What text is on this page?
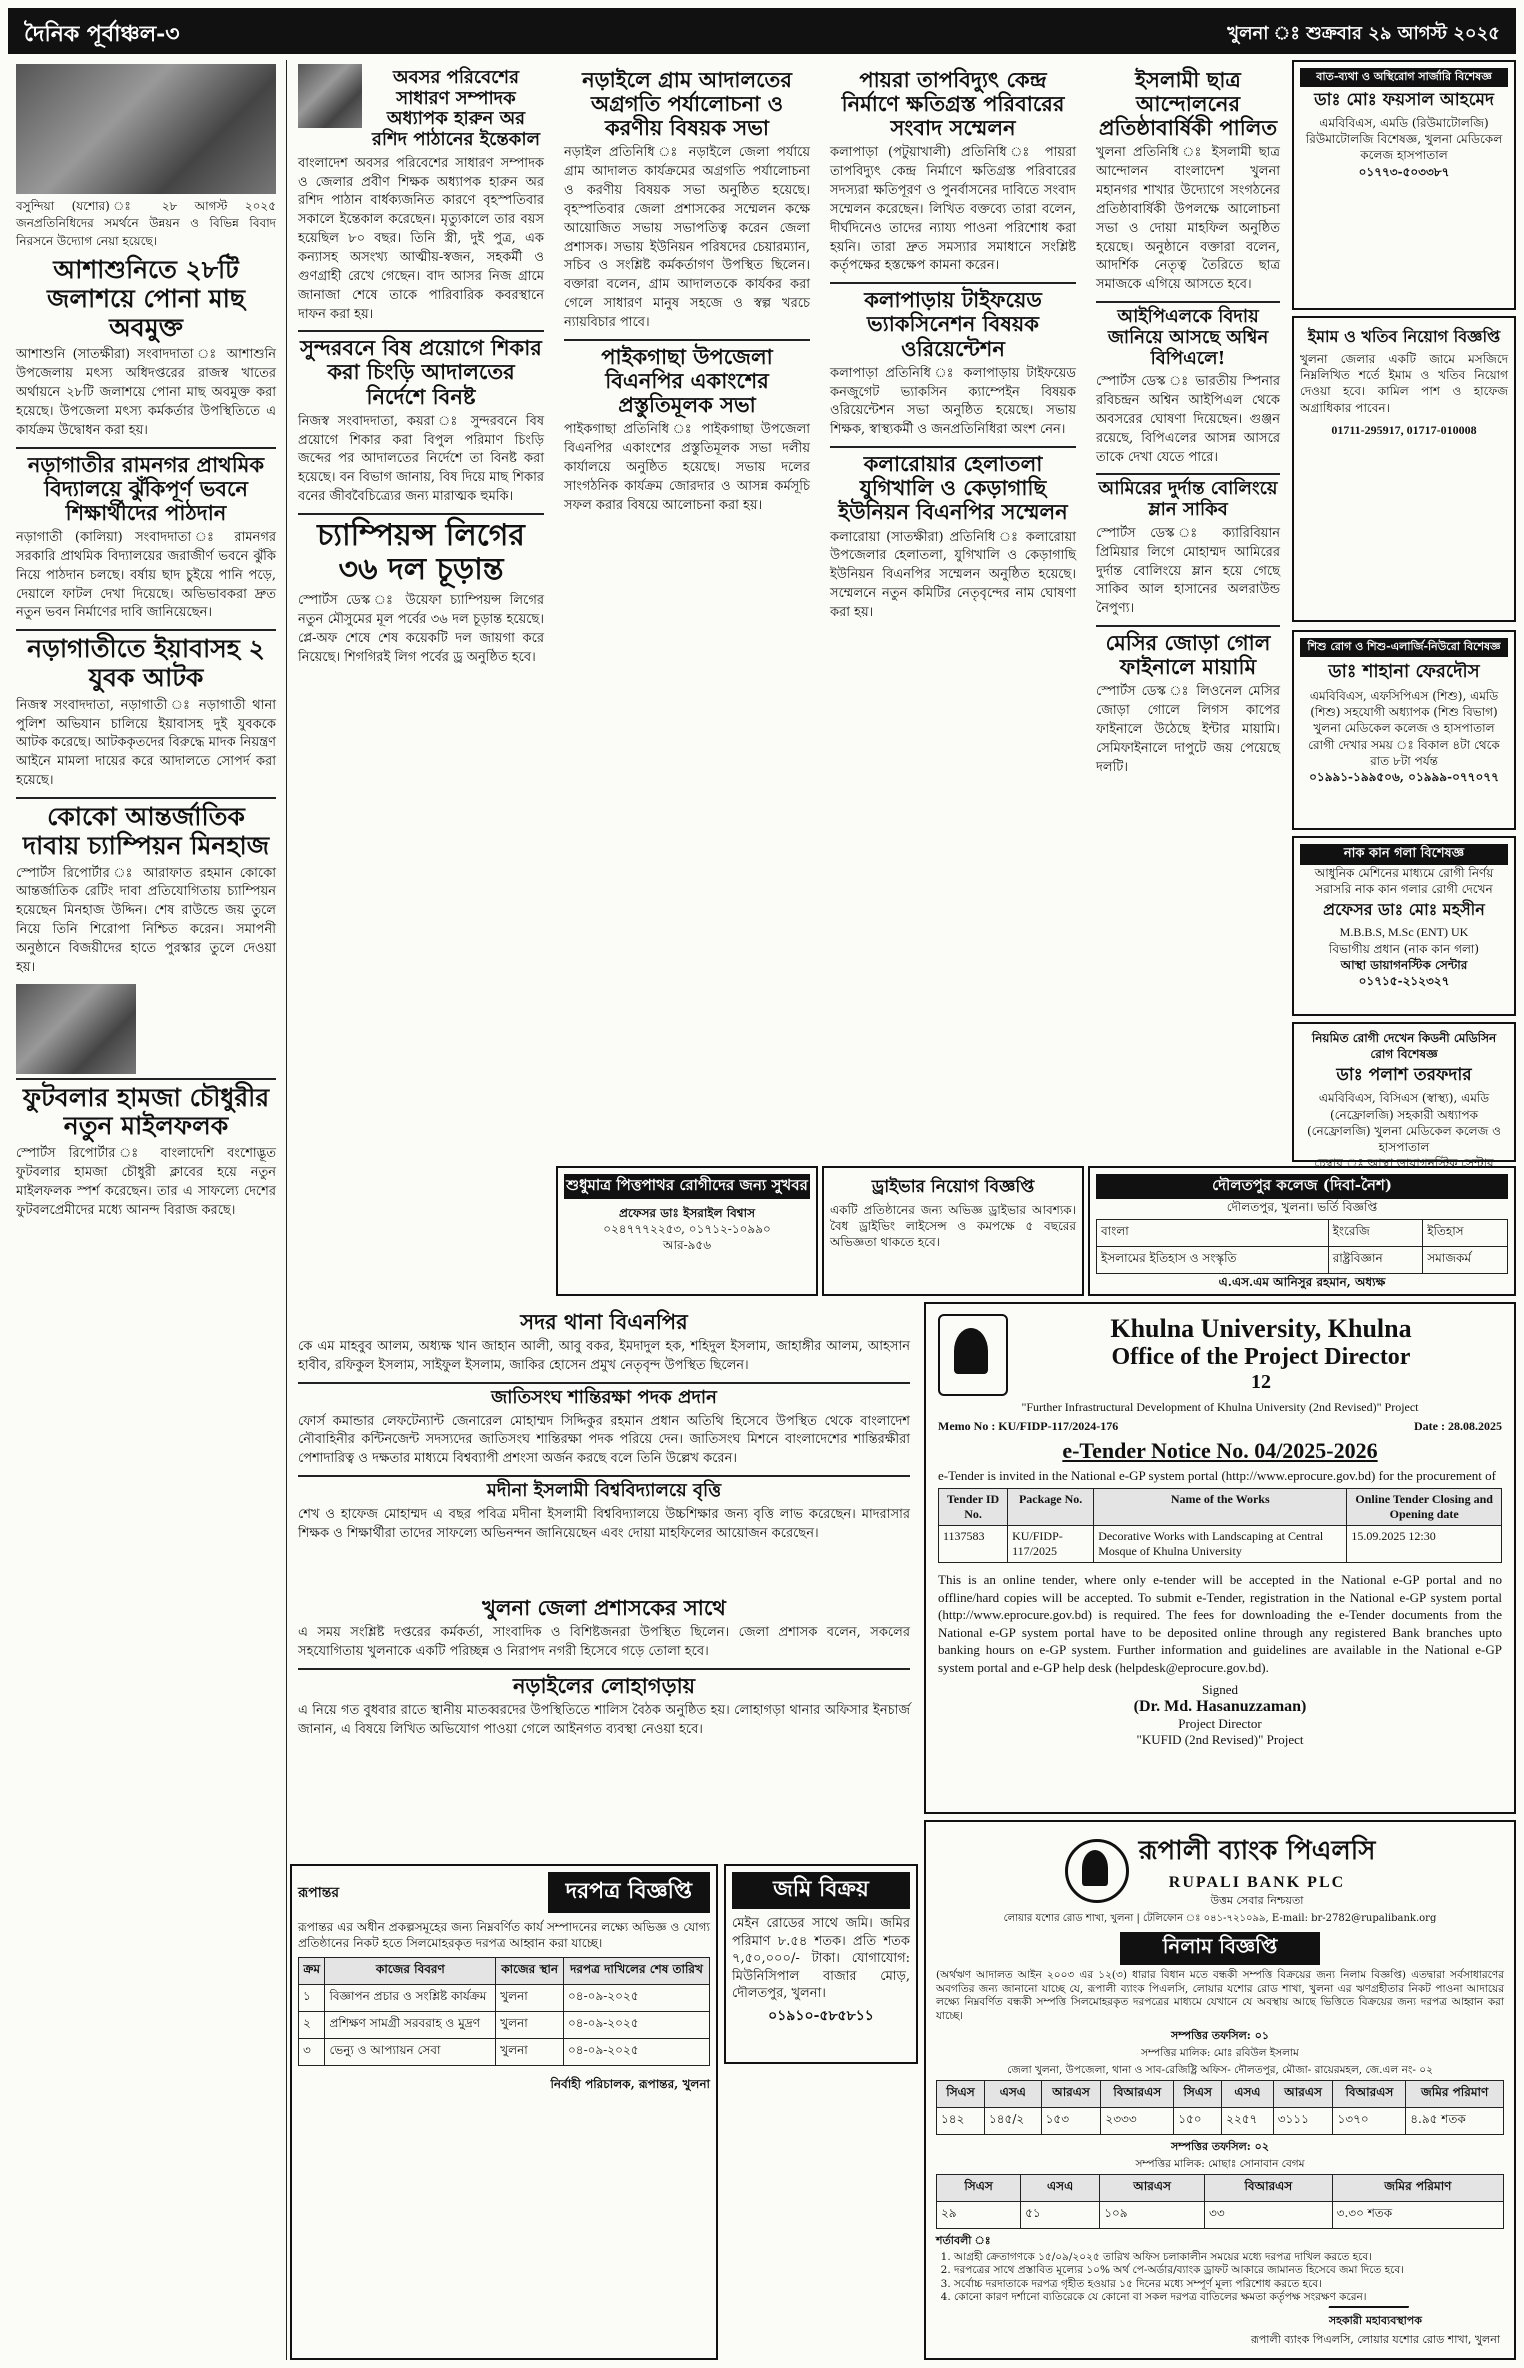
দৈনিক পূর্বাঞ্চল-৩	খুলনা ঃ শুক্রবার ২৯ আগস্ট ২০২৫

বসুন্দিয়া (যশোর) ঃ ২৮ আগস্ট ২০২৫ জনপ্রতিনিধিদের সমর্থনে উন্নয়ন ও বিভিন্ন বিবাদ নিরসনে উদ্যোগ নেয়া হয়েছে।

আশাশুনিতে ২৮টি জলাশয়ে পোনা মাছ অবমুক্ত

আশাশুনি (সাতক্ষীরা) সংবাদদাতা ঃ আশাশুনি উপজেলায় মৎস্য অধিদপ্তরের রাজস্ব খাতের অর্থায়নে ২৮টি জলাশয়ে পোনা মাছ অবমুক্ত করা হয়েছে। উপজেলা মৎস্য কর্মকর্তার উপস্থিতিতে এ কার্যক্রম উদ্বোধন করা হয়।

নড়াগাতীর রামনগর প্রাথমিক বিদ্যালয়ে ঝুঁকিপূর্ণ ভবনে শিক্ষার্থীদের পাঠদান

নড়াগাতী (কালিয়া) সংবাদদাতা ঃ রামনগর সরকারি প্রাথমিক বিদ্যালয়ের জরাজীর্ণ ভবনে ঝুঁকি নিয়ে পাঠদান চলছে। বর্ষায় ছাদ চুইয়ে পানি পড়ে, দেয়ালে ফাটল দেখা দিয়েছে। অভিভাবকরা দ্রুত নতুন ভবন নির্মাণের দাবি জানিয়েছেন।

নড়াগাতীতে ইয়াবাসহ ২ যুবক আটক

নিজস্ব সংবাদদাতা, নড়াগাতী ঃ নড়াগাতী থানা পুলিশ অভিযান চালিয়ে ইয়াবাসহ দুই যুবককে আটক করেছে। আটককৃতদের বিরুদ্ধে মাদক নিয়ন্ত্রণ আইনে মামলা দায়ের করে আদালতে সোপর্দ করা হয়েছে।

কোকো আন্তর্জাতিক দাবায় চ্যাম্পিয়ন মিনহাজ

স্পোর্টস রিপোর্টার ঃ আরাফাত রহমান কোকো আন্তর্জাতিক রেটিং দাবা প্রতিযোগিতায় চ্যাম্পিয়ন হয়েছেন মিনহাজ উদ্দিন। শেষ রাউন্ডে জয় তুলে নিয়ে তিনি শিরোপা নিশ্চিত করেন। সমাপনী অনুষ্ঠানে বিজয়ীদের হাতে পুরস্কার তুলে দেওয়া হয়।

ফুটবলার হামজা চৌধুরীর নতুন মাইলফলক

স্পোর্টস রিপোর্টার ঃ বাংলাদেশি বংশোদ্ভূত ফুটবলার হামজা চৌধুরী ক্লাবের হয়ে নতুন মাইলফলক স্পর্শ করেছেন। তার এ সাফল্যে দেশের ফুটবলপ্রেমীদের মধ্যে আনন্দ বিরাজ করছে।

অবসর পরিবেশের সাধারণ সম্পাদক অধ্যাপক হারুন অর রশিদ পাঠানের ইন্তেকাল

বাংলাদেশ অবসর পরিবেশের সাধারণ সম্পাদক ও জেলার প্রবীণ শিক্ষক অধ্যাপক হারুন অর রশিদ পাঠান বার্ধক্যজনিত কারণে বৃহস্পতিবার সকালে ইন্তেকাল করেছেন। মৃত্যুকালে তার বয়স হয়েছিল ৮০ বছর। তিনি স্ত্রী, দুই পুত্র, এক কন্যাসহ অসংখ্য আত্মীয়-স্বজন, সহকর্মী ও গুণগ্রাহী রেখে গেছেন। বাদ আসর নিজ গ্রামে জানাজা শেষে তাকে পারিবারিক কবরস্থানে দাফন করা হয়।

সুন্দরবনে বিষ প্রয়োগে শিকার করা চিংড়ি আদালতের নির্দেশে বিনষ্ট

নিজস্ব সংবাদদাতা, কয়রা ঃ সুন্দরবনে বিষ প্রয়োগে শিকার করা বিপুল পরিমাণ চিংড়ি জব্দের পর আদালতের নির্দেশে তা বিনষ্ট করা হয়েছে। বন বিভাগ জানায়, বিষ দিয়ে মাছ শিকার বনের জীববৈচিত্র্যের জন্য মারাত্মক হুমকি।

চ্যাম্পিয়ন্স লিগের ৩৬ দল চূড়ান্ত

স্পোর্টস ডেস্ক ঃ উয়েফা চ্যাম্পিয়ন্স লিগের নতুন মৌসুমের মূল পর্বের ৩৬ দল চূড়ান্ত হয়েছে। প্লে-অফ শেষে শেষ কয়েকটি দল জায়গা করে নিয়েছে। শিগগিরই লিগ পর্বের ড্র অনুষ্ঠিত হবে।

নড়াইলে গ্রাম আদালতের অগ্রগতি পর্যালোচনা ও করণীয় বিষয়ক সভা

নড়াইল প্রতিনিধি ঃ নড়াইলে জেলা পর্যায়ে গ্রাম আদালত কার্যক্রমের অগ্রগতি পর্যালোচনা ও করণীয় বিষয়ক সভা অনুষ্ঠিত হয়েছে। বৃহস্পতিবার জেলা প্রশাসকের সম্মেলন কক্ষে আয়োজিত সভায় সভাপতিত্ব করেন জেলা প্রশাসক। সভায় ইউনিয়ন পরিষদের চেয়ারম্যান, সচিব ও সংশ্লিষ্ট কর্মকর্তাগণ উপস্থিত ছিলেন। বক্তারা বলেন, গ্রাম আদালতকে কার্যকর করা গেলে সাধারণ মানুষ সহজে ও স্বল্প খরচে ন্যায়বিচার পাবে।

পাইকগাছা উপজেলা বিএনপির একাংশের প্রস্তুতিমূলক সভা

পাইকগাছা প্রতিনিধি ঃ পাইকগাছা উপজেলা বিএনপির একাংশের প্রস্তুতিমূলক সভা দলীয় কার্যালয়ে অনুষ্ঠিত হয়েছে। সভায় দলের সাংগঠনিক কার্যক্রম জোরদার ও আসন্ন কর্মসূচি সফল করার বিষয়ে আলোচনা করা হয়।

পায়রা তাপবিদ্যুৎ কেন্দ্র নির্মাণে ক্ষতিগ্রস্ত পরিবারের সংবাদ সম্মেলন

কলাপাড়া (পটুয়াখালী) প্রতিনিধি ঃ পায়রা তাপবিদ্যুৎ কেন্দ্র নির্মাণে ক্ষতিগ্রস্ত পরিবারের সদস্যরা ক্ষতিপূরণ ও পুনর্বাসনের দাবিতে সংবাদ সম্মেলন করেছেন। লিখিত বক্তব্যে তারা বলেন, দীর্ঘদিনেও তাদের ন্যায্য পাওনা পরিশোধ করা হয়নি। তারা দ্রুত সমস্যার সমাধানে সংশ্লিষ্ট কর্তৃপক্ষের হস্তক্ষেপ কামনা করেন।

কলাপাড়ায় টাইফয়েড ভ্যাকসিনেশন বিষয়ক ওরিয়েন্টেশন

কলাপাড়া প্রতিনিধি ঃ কলাপাড়ায় টাইফয়েড কনজুগেট ভ্যাকসিন ক্যাম্পেইন বিষয়ক ওরিয়েন্টেশন সভা অনুষ্ঠিত হয়েছে। সভায় শিক্ষক, স্বাস্থ্যকর্মী ও জনপ্রতিনিধিরা অংশ নেন।

কলারোয়ার হেলাতলা যুগিখালি ও কেড়াগাছি ইউনিয়ন বিএনপির সম্মেলন

কলারোয়া (সাতক্ষীরা) প্রতিনিধি ঃ কলারোয়া উপজেলার হেলাতলা, যুগিখালি ও কেড়াগাছি ইউনিয়ন বিএনপির সম্মেলন অনুষ্ঠিত হয়েছে। সম্মেলনে নতুন কমিটির নেতৃবৃন্দের নাম ঘোষণা করা হয়।

ইসলামী ছাত্র আন্দোলনের প্রতিষ্ঠাবার্ষিকী পালিত

খুলনা প্রতিনিধি ঃ ইসলামী ছাত্র আন্দোলন বাংলাদেশ খুলনা মহানগর শাখার উদ্যোগে সংগঠনের প্রতিষ্ঠাবার্ষিকী উপলক্ষে আলোচনা সভা ও দোয়া মাহফিল অনুষ্ঠিত হয়েছে। অনুষ্ঠানে বক্তারা বলেন, আদর্শিক নেতৃত্ব তৈরিতে ছাত্র সমাজকে এগিয়ে আসতে হবে।

আইপিএলকে বিদায় জানিয়ে আসছে অশ্বিন বিপিএলে!

স্পোর্টস ডেস্ক ঃ ভারতীয় স্পিনার রবিচন্দ্রন অশ্বিন আইপিএল থেকে অবসরের ঘোষণা দিয়েছেন। গুঞ্জন রয়েছে, বিপিএলের আসন্ন আসরে তাকে দেখা যেতে পারে।

আমিরের দুর্দান্ত বোলিংয়ে ম্লান সাকিব

স্পোর্টস ডেস্ক ঃ ক্যারিবিয়ান প্রিমিয়ার লিগে মোহাম্মদ আমিরের দুর্দান্ত বোলিংয়ে ম্লান হয়ে গেছে সাকিব আল হাসানের অলরাউন্ড নৈপুণ্য।

মেসির জোড়া গোল ফাইনালে মায়ামি

স্পোর্টস ডেস্ক ঃ লিওনেল মেসির জোড়া গোলে লিগস কাপের ফাইনালে উঠেছে ইন্টার মায়ামি। সেমিফাইনালে দাপুটে জয় পেয়েছে দলটি।

বাত-ব্যথা ও অস্থিরোগ সার্জারি বিশেষজ্ঞ
ডাঃ মোঃ ফয়সাল আহমেদ
এমবিবিএস, এমডি (রিউমাটোলজি) রিউমাটোলজি বিশেষজ্ঞ, খুলনা মেডিকেল কলেজ হাসপাতাল
০১৭৭৩-৫০৩৩৮৭
ইমাম ও খতিব নিয়োগ বিজ্ঞপ্তি
খুলনা জেলার একটি জামে মসজিদে নিম্নলিখিত শর্তে ইমাম ও খতিব নিয়োগ দেওয়া হবে। কামিল পাশ ও হাফেজ অগ্রাধিকার পাবেন।
01711-295917, 01717-010008
শিশু রোগ ও শিশু-এলার্জি-নিউরো বিশেষজ্ঞ
ডাঃ শাহানা ফেরদৌস
এমবিবিএস, এফসিপিএস (শিশু), এমডি (শিশু) সহযোগী অধ্যাপক (শিশু বিভাগ) খুলনা মেডিকেল কলেজ ও হাসপাতাল
রোগী দেখার সময় ঃ বিকাল ৪টা থেকে রাত ৮টা পর্যন্ত
০১৯৯১-১৯৯৫০৬, ০১৯৯৯-০৭৭০৭৭
নাক কান গলা বিশেষজ্ঞ
আধুনিক মেশিনের মাধ্যমে রোগী নির্ণয় সরাসরি নাক কান গলার রোগী দেখেন
প্রফেসর ডাঃ মোঃ মহসীন
M.B.B.S, M.Sc (ENT) UK
বিভাগীয় প্রধান (নাক কান গলা)
আস্থা ডায়াগনস্টিক সেন্টার
০১৭১৫-২১২৩২৭
নিয়মিত রোগী দেখেন কিডনী মেডিসিন রোগ বিশেষজ্ঞ
ডাঃ পলাশ তরফদার
এমবিবিএস, বিসিএস (স্বাস্থ্য), এমডি (নেফ্রোলজি) সহকারী অধ্যাপক (নেফ্রোলজি) খুলনা মেডিকেল কলেজ ও হাসপাতাল
চেম্বার ঃ আস্থা ডায়াগনস্টিক সেন্টার
শুধুমাত্র পিত্তপাথর রোগীদের জন্য সুখবর
প্রফেসর ডাঃ ইসরাইল বিশ্বাস
০২৪৭৭৭২২৫৩, ০১৭১২-১০৯৯০
আর-৯৫৬
ড্রাইভার নিয়োগ বিজ্ঞপ্তি
একটি প্রতিষ্ঠানের জন্য অভিজ্ঞ ড্রাইভার আবশ্যক। বৈধ ড্রাইভিং লাইসেন্স ও কমপক্ষে ৫ বছরের অভিজ্ঞতা থাকতে হবে।
দৌলতপুর কলেজ (দিবা-নৈশ)
দৌলতপুর, খুলনা। ভর্তি বিজ্ঞপ্তি
বাংলা	ইংরেজি	ইতিহাস
ইসলামের ইতিহাস ও সংস্কৃতি	রাষ্ট্রবিজ্ঞান	সমাজকর্ম
এ.এস.এম আনিসুর রহমান, অধ্যক্ষ
সদর থানা বিএনপির

কে এম মাহবুব আলম, অধ্যক্ষ খান জাহান আলী, আবু বকর, ইমদাদুল হক, শহিদুল ইসলাম, জাহাঙ্গীর আলম, আহসান হাবীব, রফিকুল ইসলাম, সাইফুল ইসলাম, জাকির হোসেন প্রমুখ নেতৃবৃন্দ উপস্থিত ছিলেন।

জাতিসংঘ শান্তিরক্ষা পদক প্রদান

ফোর্স কমান্ডার লেফটেন্যান্ট জেনারেল মোহাম্মদ সিদ্দিকুর রহমান প্রধান অতিথি হিসেবে উপস্থিত থেকে বাংলাদেশ নৌবাহিনীর কন্টিনজেন্ট সদস্যদের জাতিসংঘ শান্তিরক্ষা পদক পরিয়ে দেন। জাতিসংঘ মিশনে বাংলাদেশের শান্তিরক্ষীরা পেশাদারিত্ব ও দক্ষতার মাধ্যমে বিশ্বব্যাপী প্রশংসা অর্জন করছে বলে তিনি উল্লেখ করেন।

মদীনা ইসলামী বিশ্ববিদ্যালয়ে বৃত্তি

শেখ ও হাফেজ মোহাম্মদ এ বছর পবিত্র মদীনা ইসলামী বিশ্ববিদ্যালয়ে উচ্চশিক্ষার জন্য বৃত্তি লাভ করেছেন। মাদরাসার শিক্ষক ও শিক্ষার্থীরা তাদের সাফল্যে অভিনন্দন জানিয়েছেন এবং দোয়া মাহফিলের আয়োজন করেছেন।

খুলনা জেলা প্রশাসকের সাথে

এ সময় সংশ্লিষ্ট দপ্তরের কর্মকর্তা, সাংবাদিক ও বিশিষ্টজনরা উপস্থিত ছিলেন। জেলা প্রশাসক বলেন, সকলের সহযোগিতায় খুলনাকে একটি পরিচ্ছন্ন ও নিরাপদ নগরী হিসেবে গড়ে তোলা হবে।

নড়াইলের লোহাগড়ায়

এ নিয়ে গত বুধবার রাতে স্থানীয় মাতব্বরদের উপস্থিতিতে শালিস বৈঠক অনুষ্ঠিত হয়। লোহাগড়া থানার অফিসার ইনচার্জ জানান, এ বিষয়ে লিখিত অভিযোগ পাওয়া গেলে আইনগত ব্যবস্থা নেওয়া হবে।

জমি বিক্রয়
মেইন রোডের সাথে জমি। জমির পরিমাণ ৮.৫৪ শতক। প্রতি শতক ৭,৫০,০০০/- টাকা। যোগাযোগ: মিউনিসিপাল বাজার মোড়, দৌলতপুর, খুলনা।
০১৯১০-৫৮৫৮১১
রূপান্তর	দরপত্র বিজ্ঞপ্তি
রূপান্তর এর অধীন প্রকল্পসমূহের জন্য নিম্নবর্ণিত কার্য সম্পাদনের লক্ষ্যে অভিজ্ঞ ও যোগ্য প্রতিষ্ঠানের নিকট হতে সিলমোহরকৃত দরপত্র আহ্বান করা যাচ্ছে।
ক্রম	কাজের বিবরণ	কাজের স্থান	দরপত্র দাখিলের শেষ তারিখ
১	বিজ্ঞাপন প্রচার ও সংশ্লিষ্ট কার্যক্রম	খুলনা	০৪-০৯-২০২৫
২	প্রশিক্ষণ সামগ্রী সরবরাহ ও মুদ্রণ	খুলনা	০৪-০৯-২০২৫
৩	ভেন্যু ও আপ্যায়ন সেবা	খুলনা	০৪-০৯-২০২৫
নির্বাহী পরিচালক, রূপান্তর, খুলনা
Khulna University, Khulna
Office of the Project Director
12
"Further Infrastructural Development of Khulna University (2nd Revised)" Project
Memo No : KU/FIDP-117/2024-176	Date : 28.08.2025
e-Tender Notice No. 04/2025-2026
e-Tender is invited in the National e-GP system portal (http://www.eprocure.gov.bd) for the procurement of
Tender ID No.	Package No.	Name of the Works	Online Tender Closing and Opening date
1137583	KU/FIDP-117/2025	Decorative Works with Landscaping at Central Mosque of Khulna University	15.09.2025 12:30
This is an online tender, where only e-tender will be accepted in the National e-GP portal and no offline/hard copies will be accepted. To submit e-Tender, registration in the National e-GP system portal (http://www.eprocure.gov.bd) is required. The fees for downloading the e-Tender documents from the National e-GP system portal have to be deposited online through any registered Bank branches upto banking hours on e-GP system. Further information and guidelines are available in the National e-GP system portal and e-GP help desk (helpdesk@eprocure.gov.bd).
Signed
(Dr. Md. Hasanuzzaman)
Project Director
"KUFID (2nd Revised)" Project
রূপালী ব্যাংক পিএলসি
RUPALI BANK PLC
উত্তম সেবার নিশ্চয়তা
লোয়ার যশোর রোড শাখা, খুলনা | টেলিফোন ঃ ০৪১-৭২১০৯৯, E-mail: br-2782@rupalibank.org
নিলাম বিজ্ঞপ্তি
(অর্থঋণ আদালত আইন ২০০৩ এর ১২(৩) ধারার বিধান মতে বন্ধকী সম্পত্তি বিক্রয়ের জন্য নিলাম বিজ্ঞপ্তি) এতদ্বারা সর্বসাধারণের অবগতির জন্য জানানো যাচ্ছে যে, রূপালী ব্যাংক পিএলসি, লোয়ার যশোর রোড শাখা, খুলনা এর ঋণগ্রহীতার নিকট পাওনা আদায়ের লক্ষ্যে নিম্নবর্ণিত বন্ধকী সম্পত্তি সিলমোহরকৃত দরপত্রের মাধ্যমে যেখানে যে অবস্থায় আছে ভিত্তিতে বিক্রয়ের জন্য দরপত্র আহ্বান করা যাচ্ছে।
সম্পত্তির তফসিল: ০১
সম্পত্তির মালিক: মোঃ রবিউল ইসলাম
জেলা খুলনা, উপজেলা, থানা ও সাব-রেজিষ্ট্রি অফিস- দৌলতপুর, মৌজা- রায়েরমহল, জে.এল নং- ০২
সিএস	এসএ	আরএস	বিআরএস	সিএস	এসএ	আরএস	বিআরএস	জমির পরিমাণ
১৪২	১৪৫/২	১৫৩	২৩৩৩	১৫০	২২৫৭	৩১১১	১৩৭০	৪.৯৫ শতক
সম্পত্তির তফসিল: ০২
সম্পত্তির মালিক: মোছাঃ সোনাবান বেগম
সিএস	এসএ	আরএস	বিআরএস	জমির পরিমাণ
২৯	৫১	১০৯	৩৩	৩.৩০ শতক
শর্তাবলী ঃ
1. আগ্রহী ক্রেতাগণকে ১৫/০৯/২০২৫ তারিখ অফিস চলাকালীন সময়ের মধ্যে দরপত্র দাখিল করতে হবে।
2. দরপত্রের সাথে প্রস্তাবিত মূল্যের ১০% অর্থ পে-অর্ডার/ব্যাংক ড্রাফট আকারে জামানত হিসেবে জমা দিতে হবে।
3. সর্বোচ্চ দরদাতাকে দরপত্র গৃহীত হওয়ার ১৫ দিনের মধ্যে সম্পূর্ণ মূল্য পরিশোধ করতে হবে।
4. কোনো কারণ দর্শানো ব্যতিরেকে যে কোনো বা সকল দরপত্র বাতিলের ক্ষমতা কর্তৃপক্ষ সংরক্ষণ করেন।
সহকারী মহাব্যবস্থাপক
রূপালী ব্যাংক পিএলসি, লোয়ার যশোর রোড শাখা, খুলনা
